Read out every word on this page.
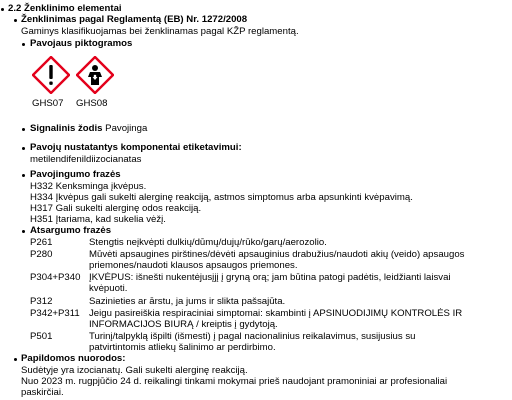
2.2 Ženklinimo elementai
Ženklinimas pagal Reglamentą (EB) Nr. 1272/2008
Gaminys klasifikuojamas bei ženklinamas pagal KŽP reglamentą.
Pavojaus piktogramos
GHS07 GHS08
Signalinis žodis Pavojinga
Pavojų nustatantys komponentai etiketavimui:
metilendifenildiizocianatas
Pavojingumo frazės
H332 Kenksminga įkvėpus.
H334 Įkvėpus gali sukelti alerginę reakciją, astmos simptomus arba apsunkinti kvėpavimą.
H317 Gali sukelti alerginę odos reakciją.
H351 Įtariama, kad sukelia vėžį.
Atsargumo frazės
P261	Stengtis neįkvėpti dulkių/dūmų/dujų/rūko/garų/aerozolio.
P280	Mūvėti apsaugines pirštines/dėvėti apsauginius drabužius/naudoti akių (veido) apsaugos
priemones/naudoti klausos apsaugos priemones.
P304+P340 ĮKVĖPUS: išnešti nukentėjusįjį į gryną orą; jam būtina patogi padėtis, leidžianti laisvai
kvėpuoti.
P312	Sazinieties ar ārstu, ja jums ir slikta pašsajūta.
P342+P311 Jeigu pasireiškia respiraciniai simptomai: skambinti į APSINUODIJIMŲ KONTROLĖS IR
INFORMACIJOS BIURĄ / kreiptis į gydytoją.
P501	Turinį/talpyklą išpilti (išmesti) į pagal nacionalinius reikalavimus, susijusius su
patvirtintomis atliekų šalinimo ar perdirbimo.
Papildomos nuorodos:
Sudėtyje yra izocianatų. Gali sukelti alerginę reakciją.
Nuo 2023 m. rugpjūčio 24 d. reikalingi tinkami mokymai prieš naudojant pramoniniai ar profesionaliai
paskirčiai.
